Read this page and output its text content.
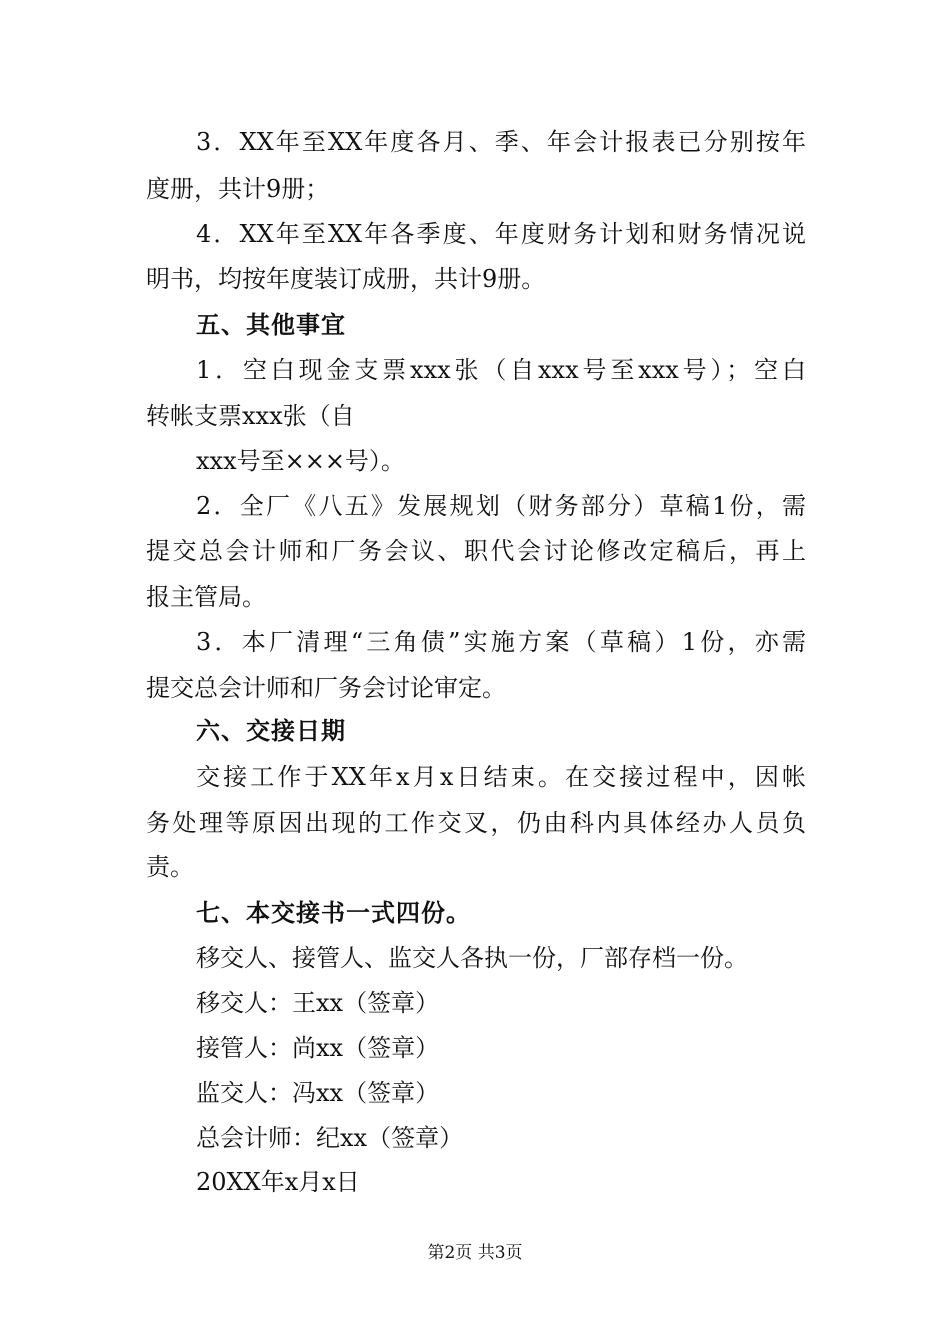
3．XX年至XX年度各月、季、年会计报表已分别按年
度册，共计9册；
4．XX年至XX年各季度、年度财务计划和财务情况说
明书，均按年度装订成册，共计9册。
五、其他事宜
1．空白现金支票xxx张（自xxx号至xxx号）；空白
转帐支票xxx张（自
xxx号至×××号）。
2．全厂《八五》发展规划（财务部分）草稿1份，需
提交总会计师和厂务会议、职代会讨论修改定稿后，再上
报主管局。
3．本厂清理“三角债”实施方案（草稿）1份，亦需
提交总会计师和厂务会讨论审定。
六、交接日期
交接工作于XX年x月x日结束。在交接过程中，因帐
务处理等原因出现的工作交叉，仍由科内具体经办人员负
责。
七、本交接书一式四份。
移交人、接管人、监交人各执一份，厂部存档一份。
移交人：王xx（签章）
接管人：尚xx（签章）
监交人：冯xx（签章）
总会计师：纪xx（签章）
20XX年x月x日
第2页 共3页
